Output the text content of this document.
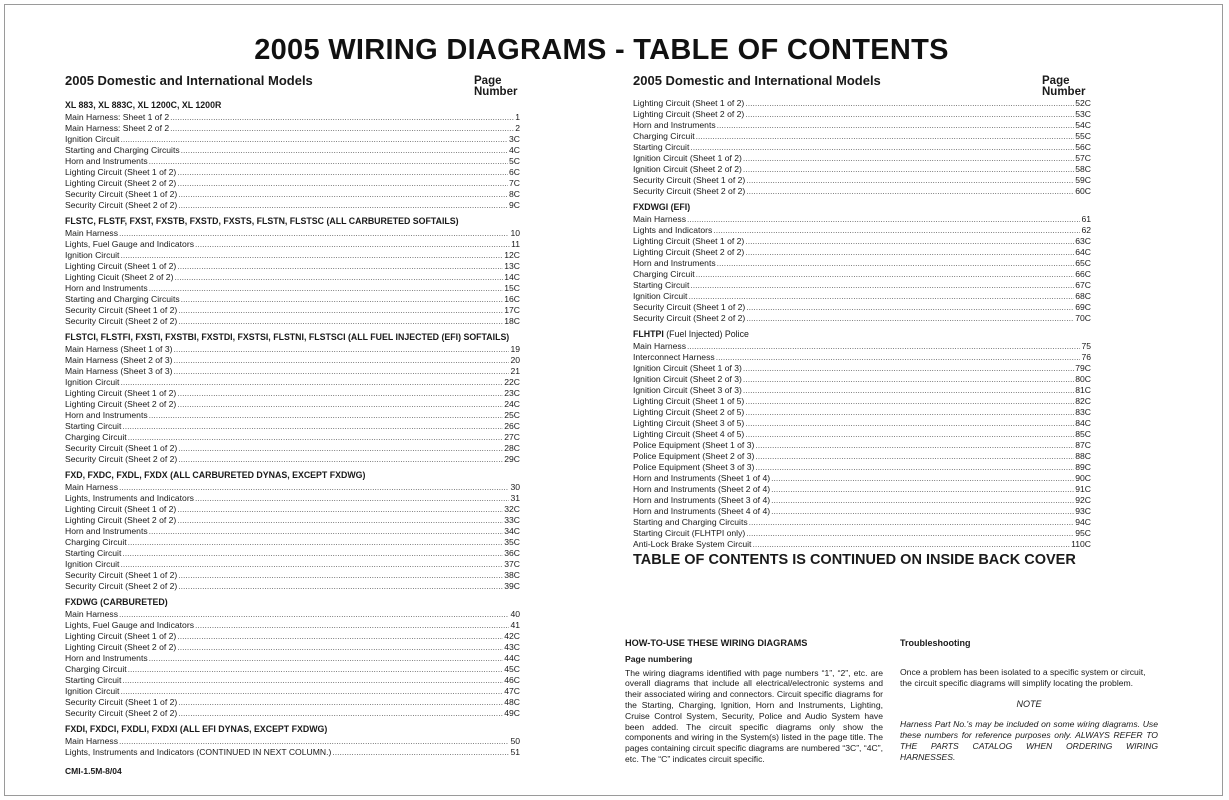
2005 WIRING DIAGRAMS - TABLE OF CONTENTS
2005 Domestic and International Models	Page Number
XL 883, XL 883C, XL 1200C, XL 1200R
Main Harness: Sheet 1 of 2 .....	1
Main Harness: Sheet 2 of 2 .....	2
Ignition Circuit .....	3C
Starting and Charging Circuits .....	4C
Horn and Instruments .....	5C
Lighting Circuit (Sheet 1 of 2) .....	6C
Lighting Circuit (Sheet 2 of 2) .....	7C
Security Circuit (Sheet 1 of 2) .....	8C
Security Circuit (Sheet 2 of 2) .....	9C
FLSTC, FLSTF, FXST, FXSTB, FXSTD, FXSTS, FLSTN, FLSTSC (ALL CARBURETED SOFTAILS)
Main Harness .....	10
Lights, Fuel Gauge and Indicators .....	11
Ignition Circuit .....	12C
Lighting Circuit (Sheet 1 of 2) .....	13C
Lighting Cicuit (Sheet 2 of 2) .....	14C
Horn and Instruments .....	15C
Starting and Charging Circuits .....	16C
Security Circuit (Sheet 1 of 2) .....	17C
Security Circuit (Sheet 2 of 2) .....	18C
FLSTCI, FLSTFI, FXSTI, FXSTBI, FXSTDI, FXSTSI, FLSTNI, FLSTSCI (ALL FUEL INJECTED (EFI) SOFTAILS)
Main Harness (Sheet 1 of 3) .....	19
Main Harness (Sheet 2 of 3) .....	20
Main Harness (Sheet 3 of 3) .....	21
Ignition Circuit .....	22C
Lighting Circuit (Sheet 1 of 2) .....	23C
Lighting Circuit (Sheet 2 of 2) .....	24C
Horn and Instruments .....	25C
Starting Circuit .....	26C
Charging Circuit .....	27C
Security Circuit (Sheet 1 of 2) .....	28C
Security Circuit (Sheet 2 of 2) .....	29C
FXD, FXDC, FXDL, FXDX (ALL CARBURETED DYNAS, EXCEPT FXDWG)
Main Harness .....	30
Lights, Instruments and Indicators .....	31
Lighting Circuit (Sheet 1 of 2) .....	32C
Lighting Circuit (Sheet 2 of 2) .....	33C
Horn and Instruments .....	34C
Charging Circuit .....	35C
Starting Circuit .....	36C
Ignition Circuit .....	37C
Security Circuit (Sheet 1 of 2) .....	38C
Security Circuit (Sheet 2 of 2) .....	39C
FXDWG (CARBURETED)
Main Harness .....	40
Lights, Fuel Gauge and Indicators .....	41
Lighting Circuit (Sheet 1 of 2) .....	42C
Lighting Circuit (Sheet 2 of 2) .....	43C
Horn and Instruments .....	44C
Charging Circuit .....	45C
Starting Circuit .....	46C
Ignition Circuit .....	47C
Security Circuit (Sheet 1 of 2) .....	48C
Security Circuit (Sheet 2 of 2) .....	49C
FXDI, FXDCI, FXDLI, FXDXI (ALL EFI DYNAS, EXCEPT FXDWG)
Main Harness .....	50
Lights, Instruments and Indicators (CONTINUED IN NEXT COLUMN.) .....	51
2005 Domestic and International Models	Page Number
Lighting Circuit (Sheet 1 of 2) .....	52C
Lighting Circuit (Sheet 2 of 2) .....	53C
Horn and Instruments .....	54C
Charging Circuit .....	55C
Starting Circuit .....	56C
Ignition Circuit (Sheet 1 of 2) .....	57C
Ignition Circuit (Sheet 2 of 2) .....	58C
Security Circuit (Sheet 1 of 2) .....	59C
Security Circuit (Sheet 2 of 2) .....	60C
FXDWGI (EFI)
Main Harness .....	61
Lights and Indicators .....	62
Lighting Circuit (Sheet 1 of 2) .....	63C
Lighting Circuit (Sheet 2 of 2) .....	64C
Horn and Instruments .....	65C
Charging Circuit .....	66C
Starting Circuit .....	67C
Ignition Circuit .....	68C
Security Circuit (Sheet 1 of 2) .....	69C
Security Circuit (Sheet 2 of 2) .....	70C
FLHTPI (Fuel Injected) Police
Main Harness .....	75
Interconnect Harness .....	76
Ignition Circuit (Sheet 1 of 3) .....	79C
Ignition Circuit (Sheet 2 of 3) .....	80C
Ignition Circuit (Sheet 3 of 3) .....	81C
Lighting Circuit (Sheet 1 of 5) .....	82C
Lighting Circuit (Sheet 2 of 5) .....	83C
Lighting Circuit (Sheet 3 of 5) .....	84C
Lighting Circuit (Sheet 4 of 5) .....	85C
Police Equipment (Sheet 1 of 3) .....	87C
Police Equipment (Sheet 2 of 3) .....	88C
Police Equipment (Sheet 3 of 3) .....	89C
Horn and Instruments (Sheet 1 of 4) .....	90C
Horn and Instruments (Sheet 2 of 4) .....	91C
Horn and Instruments (Sheet 3 of 4) .....	92C
Horn and Instruments (Sheet 4 of 4) .....	93C
Starting and Charging Circuits .....	94C
Starting Circuit (FLHTPI only) .....	95C
Anti-Lock Brake System Circuit .....	110C
TABLE OF CONTENTS IS CONTINUED ON INSIDE BACK COVER
HOW-TO-USE THESE WIRING DIAGRAMS
Page numbering

The wiring diagrams identified with page numbers “1”, “2”, etc. are overall diagrams that include all electrical/electronic systems and their associated wiring and connectors. Circuit specific diagrams for the Starting, Charging, Ignition, Horn and Instruments, Lighting, Cruise Control System, Security, Police and Audio System have been added. The circuit specific diagrams only show the components and wiring in the System(s) listed in the page title. The pages containing circuit specific diagrams are numbered “3C”, “4C”, etc. The “C” indicates circuit specific.

Troubleshooting

Once a problem has been isolated to a specific system or circuit, the circuit specific diagrams will simplify locating the problem.

NOTE

Harness Part No.'s may be included on some wiring diagrams. Use these numbers for reference purposes only. ALWAYS REFER TO THE PARTS CATALOG WHEN ORDERING WIRING HARNESSES.

CMI-1.5M-8/04
